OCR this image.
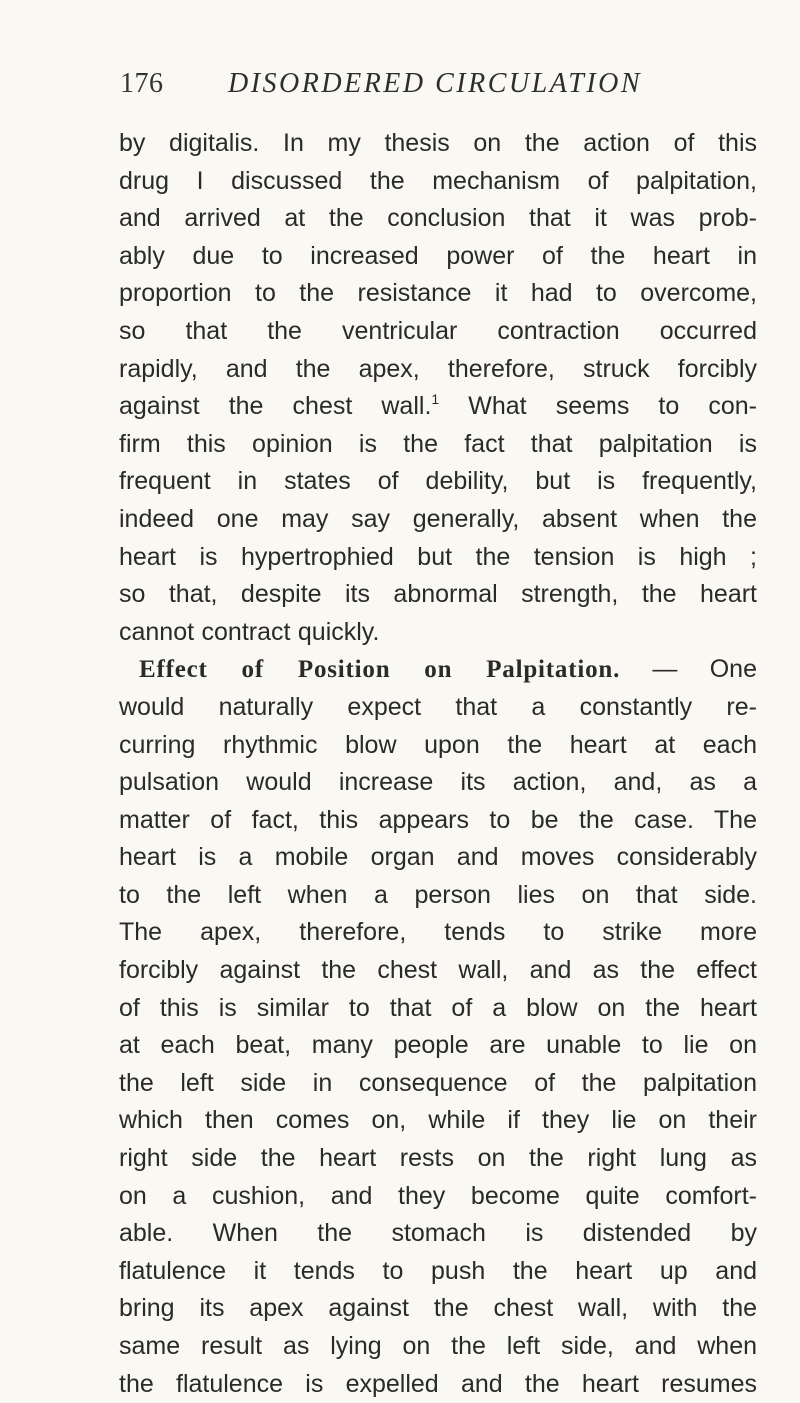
176 DISORDERED CIRCULATION
by digitalis. In my thesis on the action of this
drug I discussed the mechanism of palpitation,
and arrived at the conclusion that it was prob-
ably due to increased power of the heart in
proportion to the resistance it had to overcome,
so that the ventricular contraction occurred
rapidly, and the apex, therefore, struck forcibly
against the chest wall.$^1$ What seems to con-
firm this opinion is the fact that palpitation is
frequent in states of debility, but is frequently,
indeed one may say generally, absent when the
heart is hypertrophied but the tension is high ;
so that, despite its abnormal strength, the heart
cannot contract quickly.
Effect of Position on Palpitation. — One
would naturally expect that a constantly re-
curring rhythmic blow upon the heart at each
pulsation would increase its action, and, as a
matter of fact, this appears to be the case. The
heart is a mobile organ and moves considerably
to the left when a person lies on that side.
The apex, therefore, tends to strike more
forcibly against the chest wall, and as the effect
of this is similar to that of a blow on the heart
at each beat, many people are unable to lie on
the left side in consequence of the palpitation
which then comes on, while if they lie on their
right side the heart rests on the right lung as
on a cushion, and they become quite comfort-
able. When the stomach is distended by
flatulence it tends to push the heart up and
bring its apex against the chest wall, with the
same result as lying on the left side, and when
the flatulence is expelled and the heart resumes
